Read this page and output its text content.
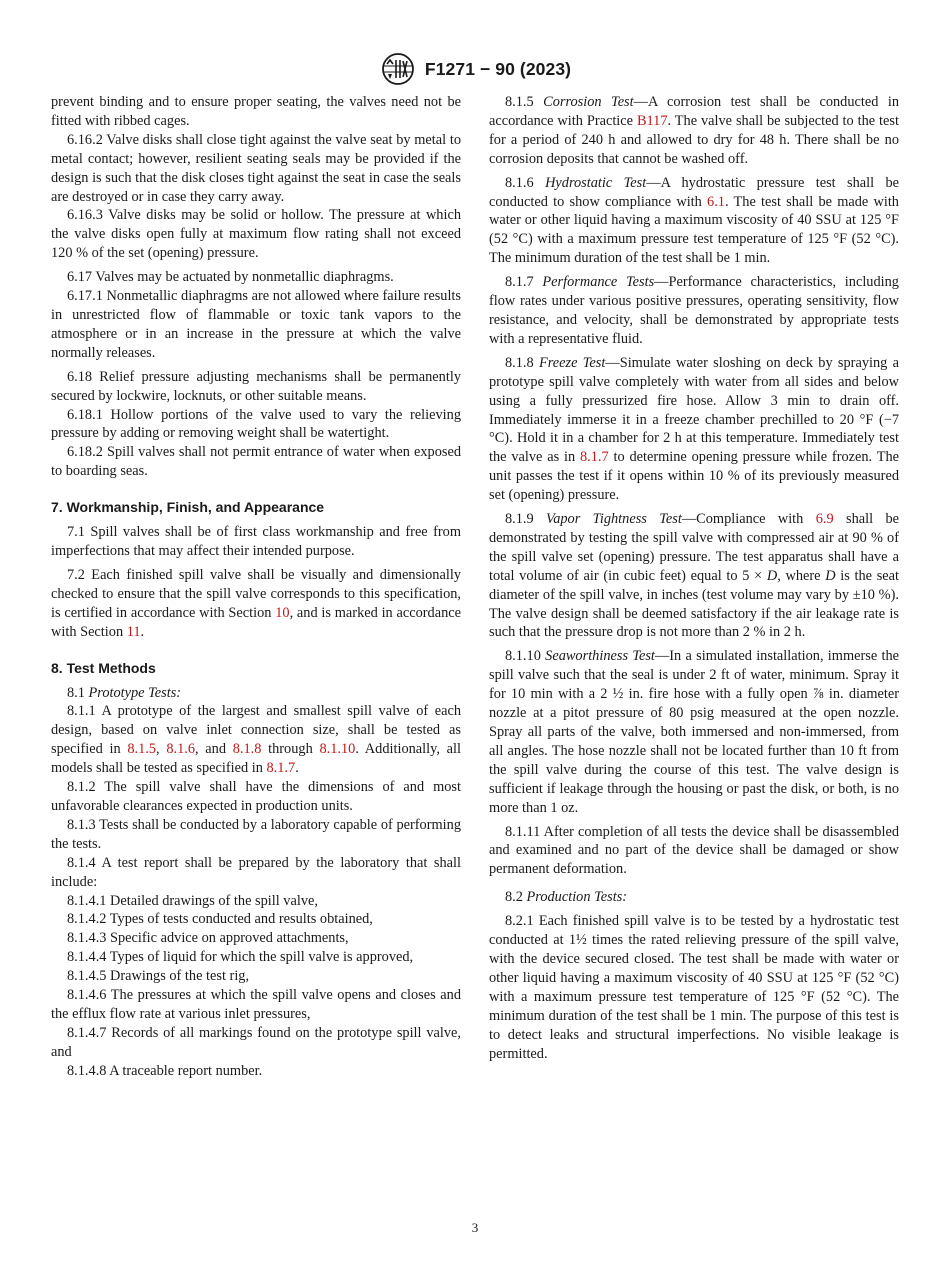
F1271 − 90 (2023)

prevent binding and to ensure proper seating, the valves need not be fitted with ribbed cages.

6.16.2 Valve disks shall close tight against the valve seat by metal to metal contact; however, resilient seating seals may be provided if the design is such that the disk closes tight against the seat in case the seals are destroyed or in case they carry away.

6.16.3 Valve disks may be solid or hollow. The pressure at which the valve disks open fully at maximum flow rating shall not exceed 120 % of the set (opening) pressure.

6.17 Valves may be actuated by nonmetallic diaphragms.

6.17.1 Nonmetallic diaphragms are not allowed where failure results in unrestricted flow of flammable or toxic tank vapors to the atmosphere or in an increase in the pressure at which the valve normally releases.

6.18 Relief pressure adjusting mechanisms shall be permanently secured by lockwire, locknuts, or other suitable means.

6.18.1 Hollow portions of the valve used to vary the relieving pressure by adding or removing weight shall be watertight.

6.18.2 Spill valves shall not permit entrance of water when exposed to boarding seas.

7. Workmanship, Finish, and Appearance

7.1 Spill valves shall be of first class workmanship and free from imperfections that may affect their intended purpose.

7.2 Each finished spill valve shall be visually and dimensionally checked to ensure that the spill valve corresponds to this specification, is certified in accordance with Section 10, and is marked in accordance with Section 11.

8. Test Methods

8.1 Prototype Tests:

8.1.1 A prototype of the largest and smallest spill valve of each design, based on valve inlet connection size, shall be tested as specified in 8.1.5, 8.1.6, and 8.1.8 through 8.1.10. Additionally, all models shall be tested as specified in 8.1.7.

8.1.2 The spill valve shall have the dimensions of and most unfavorable clearances expected in production units.

8.1.3 Tests shall be conducted by a laboratory capable of performing the tests.

8.1.4 A test report shall be prepared by the laboratory that shall include:

8.1.4.1 Detailed drawings of the spill valve,

8.1.4.2 Types of tests conducted and results obtained,

8.1.4.3 Specific advice on approved attachments,

8.1.4.4 Types of liquid for which the spill valve is approved,

8.1.4.5 Drawings of the test rig,

8.1.4.6 The pressures at which the spill valve opens and closes and the efflux flow rate at various inlet pressures,

8.1.4.7 Records of all markings found on the prototype spill valve, and

8.1.4.8 A traceable report number.

8.1.5 Corrosion Test—A corrosion test shall be conducted in accordance with Practice B117. The valve shall be subjected to the test for a period of 240 h and allowed to dry for 48 h. There shall be no corrosion deposits that cannot be washed off.

8.1.6 Hydrostatic Test—A hydrostatic pressure test shall be conducted to show compliance with 6.1. The test shall be made with water or other liquid having a maximum viscosity of 40 SSU at 125 °F (52 °C) with a maximum pressure test temperature of 125 °F (52 °C). The minimum duration of the test shall be 1 min.

8.1.7 Performance Tests—Performance characteristics, including flow rates under various positive pressures, operating sensitivity, flow resistance, and velocity, shall be demonstrated by appropriate tests with a representative fluid.

8.1.8 Freeze Test—Simulate water sloshing on deck by spraying a prototype spill valve completely with water from all sides and below using a fully pressurized fire hose. Allow 3 min to drain off. Immediately immerse it in a freeze chamber prechilled to 20 °F (−7 °C). Hold it in a chamber for 2 h at this temperature. Immediately test the valve as in 8.1.7 to determine opening pressure while frozen. The unit passes the test if it opens within 10 % of its previously measured set (opening) pressure.

8.1.9 Vapor Tightness Test—Compliance with 6.9 shall be demonstrated by testing the spill valve with compressed air at 90 % of the spill valve set (opening) pressure. The test apparatus shall have a total volume of air (in cubic feet) equal to 5 × D, where D is the seat diameter of the spill valve, in inches (test volume may vary by ±10 %). The valve design shall be deemed satisfactory if the air leakage rate is such that the pressure drop is not more than 2 % in 2 h.

8.1.10 Seaworthiness Test—In a simulated installation, immerse the spill valve such that the seal is under 2 ft of water, minimum. Spray it for 10 min with a 2 ½ in. fire hose with a fully open ⅞ in. diameter nozzle at a pitot pressure of 80 psig measured at the open nozzle. Spray all parts of the valve, both immersed and non-immersed, from all angles. The hose nozzle shall not be located further than 10 ft from the spill valve during the course of this test. The valve design is sufficient if leakage through the housing or past the disk, or both, is no more than 1 oz.

8.1.11 After completion of all tests the device shall be disassembled and examined and no part of the device shall be damaged or show permanent deformation.

8.2 Production Tests:

8.2.1 Each finished spill valve is to be tested by a hydrostatic test conducted at 1½ times the rated relieving pressure of the spill valve, with the device secured closed. The test shall be made with water or other liquid having a maximum viscosity of 40 SSU at 125 °F (52 °C) with a maximum pressure test temperature of 125 °F (52 °C). The minimum duration of the test shall be 1 min. The purpose of this test is to detect leaks and structural imperfections. No visible leakage is permitted.

3
